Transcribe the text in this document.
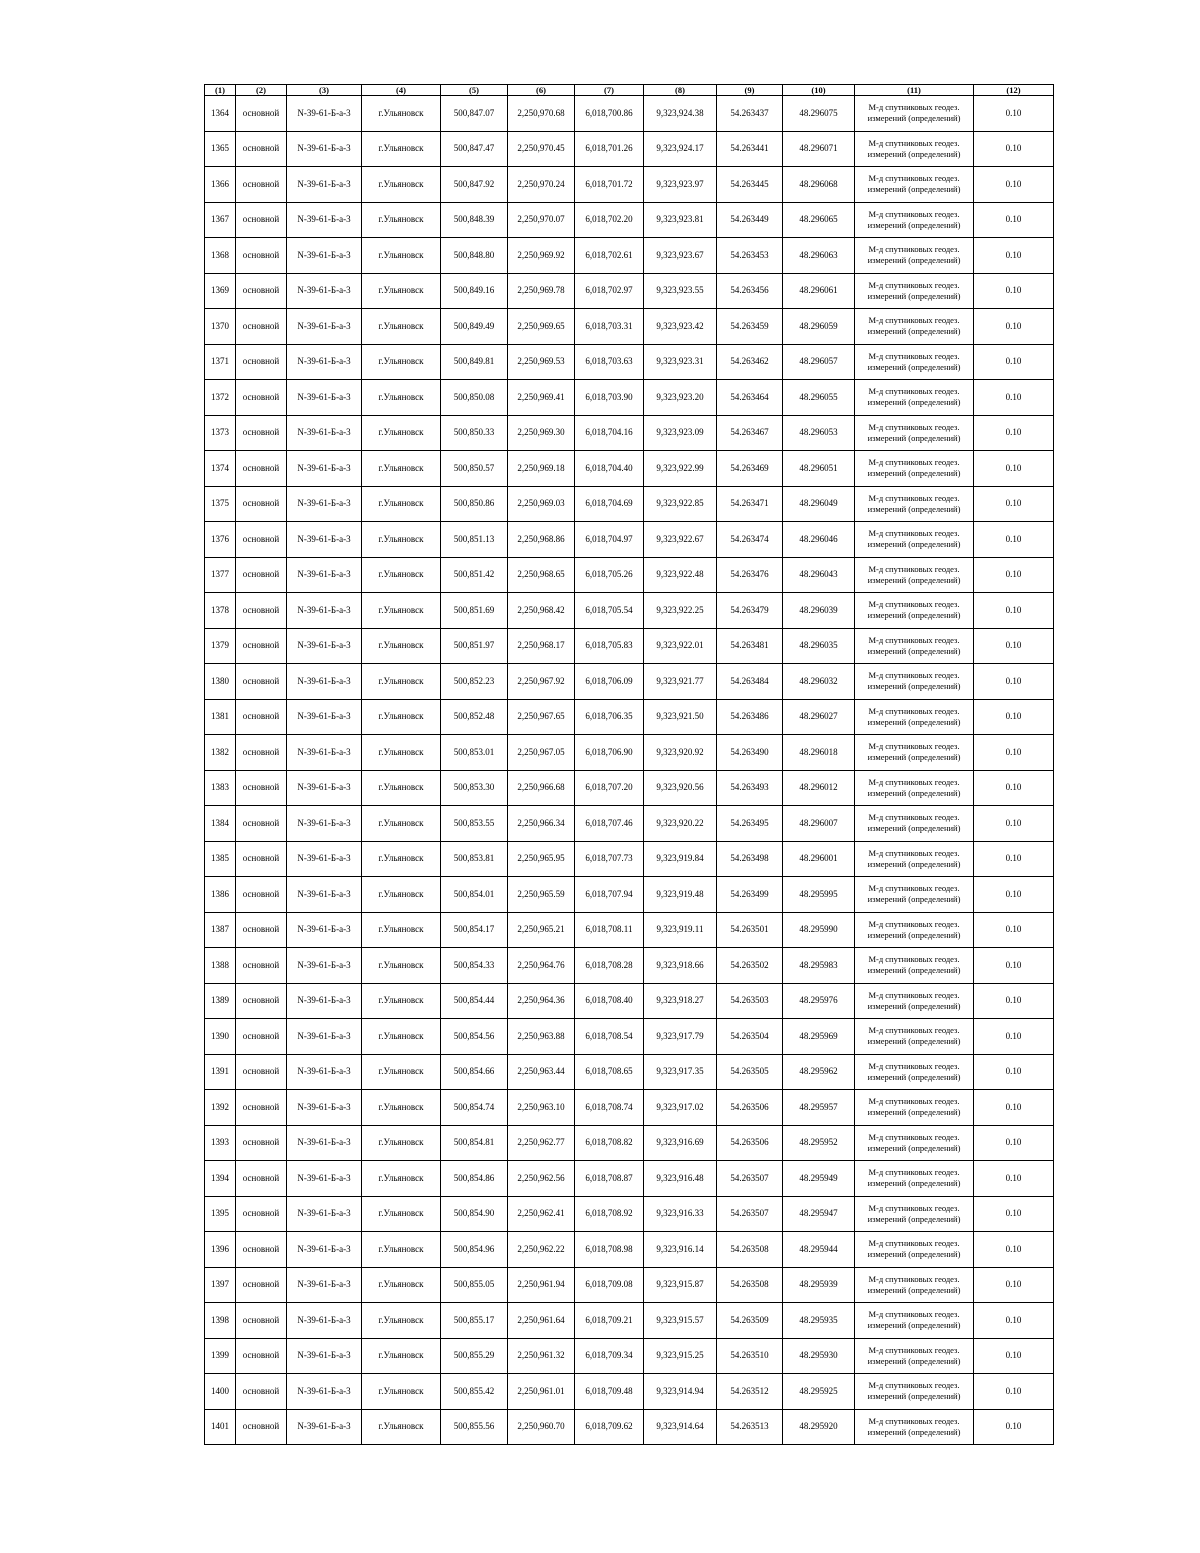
(1)	(2)	(3)	(4)	(5)	(6)	(7)	(8)	(9)	(10)	(11)	(12)
1364	основной	N-39-61-Б-а-3	г.Ульяновск	500,847.07	2,250,970.68	6,018,700.86	9,323,924.38	54.263437	48.296075	М-д спутниковых геодез. измерений (определений)	0.10
1365	основной	N-39-61-Б-а-3	г.Ульяновск	500,847.47	2,250,970.45	6,018,701.26	9,323,924.17	54.263441	48.296071	М-д спутниковых геодез. измерений (определений)	0.10
1366	основной	N-39-61-Б-а-3	г.Ульяновск	500,847.92	2,250,970.24	6,018,701.72	9,323,923.97	54.263445	48.296068	М-д спутниковых геодез. измерений (определений)	0.10
1367	основной	N-39-61-Б-а-3	г.Ульяновск	500,848.39	2,250,970.07	6,018,702.20	9,323,923.81	54.263449	48.296065	М-д спутниковых геодез. измерений (определений)	0.10
1368	основной	N-39-61-Б-а-3	г.Ульяновск	500,848.80	2,250,969.92	6,018,702.61	9,323,923.67	54.263453	48.296063	М-д спутниковых геодез. измерений (определений)	0.10
1369	основной	N-39-61-Б-а-3	г.Ульяновск	500,849.16	2,250,969.78	6,018,702.97	9,323,923.55	54.263456	48.296061	М-д спутниковых геодез. измерений (определений)	0.10
1370	основной	N-39-61-Б-а-3	г.Ульяновск	500,849.49	2,250,969.65	6,018,703.31	9,323,923.42	54.263459	48.296059	М-д спутниковых геодез. измерений (определений)	0.10
1371	основной	N-39-61-Б-а-3	г.Ульяновск	500,849.81	2,250,969.53	6,018,703.63	9,323,923.31	54.263462	48.296057	М-д спутниковых геодез. измерений (определений)	0.10
1372	основной	N-39-61-Б-а-3	г.Ульяновск	500,850.08	2,250,969.41	6,018,703.90	9,323,923.20	54.263464	48.296055	М-д спутниковых геодез. измерений (определений)	0.10
1373	основной	N-39-61-Б-а-3	г.Ульяновск	500,850.33	2,250,969.30	6,018,704.16	9,323,923.09	54.263467	48.296053	М-д спутниковых геодез. измерений (определений)	0.10
1374	основной	N-39-61-Б-а-3	г.Ульяновск	500,850.57	2,250,969.18	6,018,704.40	9,323,922.99	54.263469	48.296051	М-д спутниковых геодез. измерений (определений)	0.10
1375	основной	N-39-61-Б-а-3	г.Ульяновск	500,850.86	2,250,969.03	6,018,704.69	9,323,922.85	54.263471	48.296049	М-д спутниковых геодез. измерений (определений)	0.10
1376	основной	N-39-61-Б-а-3	г.Ульяновск	500,851.13	2,250,968.86	6,018,704.97	9,323,922.67	54.263474	48.296046	М-д спутниковых геодез. измерений (определений)	0.10
1377	основной	N-39-61-Б-а-3	г.Ульяновск	500,851.42	2,250,968.65	6,018,705.26	9,323,922.48	54.263476	48.296043	М-д спутниковых геодез. измерений (определений)	0.10
1378	основной	N-39-61-Б-а-3	г.Ульяновск	500,851.69	2,250,968.42	6,018,705.54	9,323,922.25	54.263479	48.296039	М-д спутниковых геодез. измерений (определений)	0.10
1379	основной	N-39-61-Б-а-3	г.Ульяновск	500,851.97	2,250,968.17	6,018,705.83	9,323,922.01	54.263481	48.296035	М-д спутниковых геодез. измерений (определений)	0.10
1380	основной	N-39-61-Б-а-3	г.Ульяновск	500,852.23	2,250,967.92	6,018,706.09	9,323,921.77	54.263484	48.296032	М-д спутниковых геодез. измерений (определений)	0.10
1381	основной	N-39-61-Б-а-3	г.Ульяновск	500,852.48	2,250,967.65	6,018,706.35	9,323,921.50	54.263486	48.296027	М-д спутниковых геодез. измерений (определений)	0.10
1382	основной	N-39-61-Б-а-3	г.Ульяновск	500,853.01	2,250,967.05	6,018,706.90	9,323,920.92	54.263490	48.296018	М-д спутниковых геодез. измерений (определений)	0.10
1383	основной	N-39-61-Б-а-3	г.Ульяновск	500,853.30	2,250,966.68	6,018,707.20	9,323,920.56	54.263493	48.296012	М-д спутниковых геодез. измерений (определений)	0.10
1384	основной	N-39-61-Б-а-3	г.Ульяновск	500,853.55	2,250,966.34	6,018,707.46	9,323,920.22	54.263495	48.296007	М-д спутниковых геодез. измерений (определений)	0.10
1385	основной	N-39-61-Б-а-3	г.Ульяновск	500,853.81	2,250,965.95	6,018,707.73	9,323,919.84	54.263498	48.296001	М-д спутниковых геодез. измерений (определений)	0.10
1386	основной	N-39-61-Б-а-3	г.Ульяновск	500,854.01	2,250,965.59	6,018,707.94	9,323,919.48	54.263499	48.295995	М-д спутниковых геодез. измерений (определений)	0.10
1387	основной	N-39-61-Б-а-3	г.Ульяновск	500,854.17	2,250,965.21	6,018,708.11	9,323,919.11	54.263501	48.295990	М-д спутниковых геодез. измерений (определений)	0.10
1388	основной	N-39-61-Б-а-3	г.Ульяновск	500,854.33	2,250,964.76	6,018,708.28	9,323,918.66	54.263502	48.295983	М-д спутниковых геодез. измерений (определений)	0.10
1389	основной	N-39-61-Б-а-3	г.Ульяновск	500,854.44	2,250,964.36	6,018,708.40	9,323,918.27	54.263503	48.295976	М-д спутниковых геодез. измерений (определений)	0.10
1390	основной	N-39-61-Б-а-3	г.Ульяновск	500,854.56	2,250,963.88	6,018,708.54	9,323,917.79	54.263504	48.295969	М-д спутниковых геодез. измерений (определений)	0.10
1391	основной	N-39-61-Б-а-3	г.Ульяновск	500,854.66	2,250,963.44	6,018,708.65	9,323,917.35	54.263505	48.295962	М-д спутниковых геодез. измерений (определений)	0.10
1392	основной	N-39-61-Б-а-3	г.Ульяновск	500,854.74	2,250,963.10	6,018,708.74	9,323,917.02	54.263506	48.295957	М-д спутниковых геодез. измерений (определений)	0.10
1393	основной	N-39-61-Б-а-3	г.Ульяновск	500,854.81	2,250,962.77	6,018,708.82	9,323,916.69	54.263506	48.295952	М-д спутниковых геодез. измерений (определений)	0.10
1394	основной	N-39-61-Б-а-3	г.Ульяновск	500,854.86	2,250,962.56	6,018,708.87	9,323,916.48	54.263507	48.295949	М-д спутниковых геодез. измерений (определений)	0.10
1395	основной	N-39-61-Б-а-3	г.Ульяновск	500,854.90	2,250,962.41	6,018,708.92	9,323,916.33	54.263507	48.295947	М-д спутниковых геодез. измерений (определений)	0.10
1396	основной	N-39-61-Б-а-3	г.Ульяновск	500,854.96	2,250,962.22	6,018,708.98	9,323,916.14	54.263508	48.295944	М-д спутниковых геодез. измерений (определений)	0.10
1397	основной	N-39-61-Б-а-3	г.Ульяновск	500,855.05	2,250,961.94	6,018,709.08	9,323,915.87	54.263508	48.295939	М-д спутниковых геодез. измерений (определений)	0.10
1398	основной	N-39-61-Б-а-3	г.Ульяновск	500,855.17	2,250,961.64	6,018,709.21	9,323,915.57	54.263509	48.295935	М-д спутниковых геодез. измерений (определений)	0.10
1399	основной	N-39-61-Б-а-3	г.Ульяновск	500,855.29	2,250,961.32	6,018,709.34	9,323,915.25	54.263510	48.295930	М-д спутниковых геодез. измерений (определений)	0.10
1400	основной	N-39-61-Б-а-3	г.Ульяновск	500,855.42	2,250,961.01	6,018,709.48	9,323,914.94	54.263512	48.295925	М-д спутниковых геодез. измерений (определений)	0.10
1401	основной	N-39-61-Б-а-3	г.Ульяновск	500,855.56	2,250,960.70	6,018,709.62	9,323,914.64	54.263513	48.295920	М-д спутниковых геодез. измерений (определений)	0.10
